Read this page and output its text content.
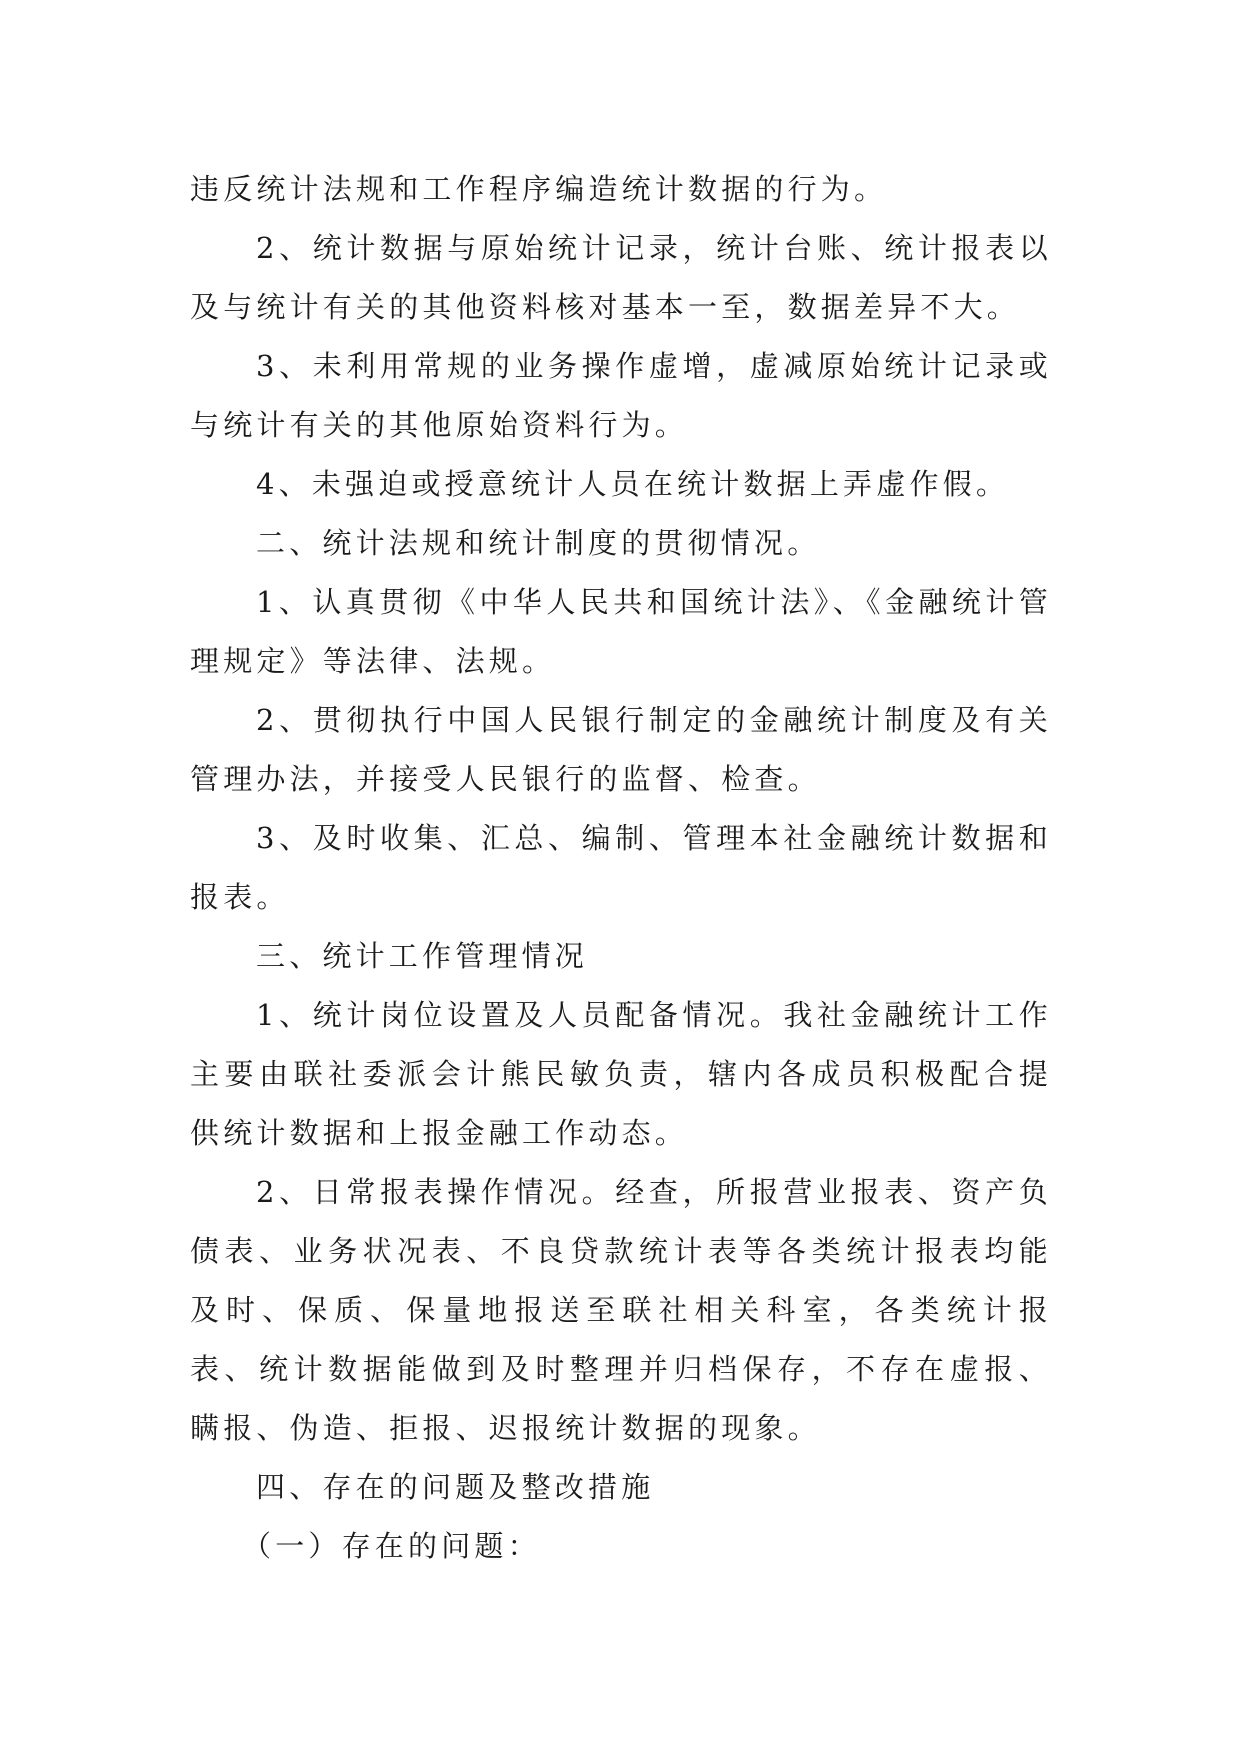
违反统计法规和工作程序编造统计数据的行为。

2、统计数据与原始统计记录，统计台账、统计报表以及与统计有关的其他资料核对基本一至，数据差异不大。

3、未利用常规的业务操作虚增，虚减原始统计记录或与统计有关的其他原始资料行为。

4、未强迫或授意统计人员在统计数据上弄虚作假。

二、统计法规和统计制度的贯彻情况。

1、认真贯彻《中华人民共和国统计法》、《金融统计管理规定》等法律、法规。

2、贯彻执行中国人民银行制定的金融统计制度及有关管理办法，并接受人民银行的监督、检查。

3、及时收集、汇总、编制、管理本社金融统计数据和报表。

三、统计工作管理情况

1、统计岗位设置及人员配备情况。我社金融统计工作主要由联社委派会计熊民敏负责，辖内各成员积极配合提供统计数据和上报金融工作动态。

2、日常报表操作情况。经查，所报营业报表、资产负债表、业务状况表、不良贷款统计表等各类统计报表均能及时、保质、保量地报送至联社相关科室，各类统计报表、统计数据能做到及时整理并归档保存，不存在虚报、瞒报、伪造、拒报、迟报统计数据的现象。

四、存在的问题及整改措施

（一）存在的问题：
